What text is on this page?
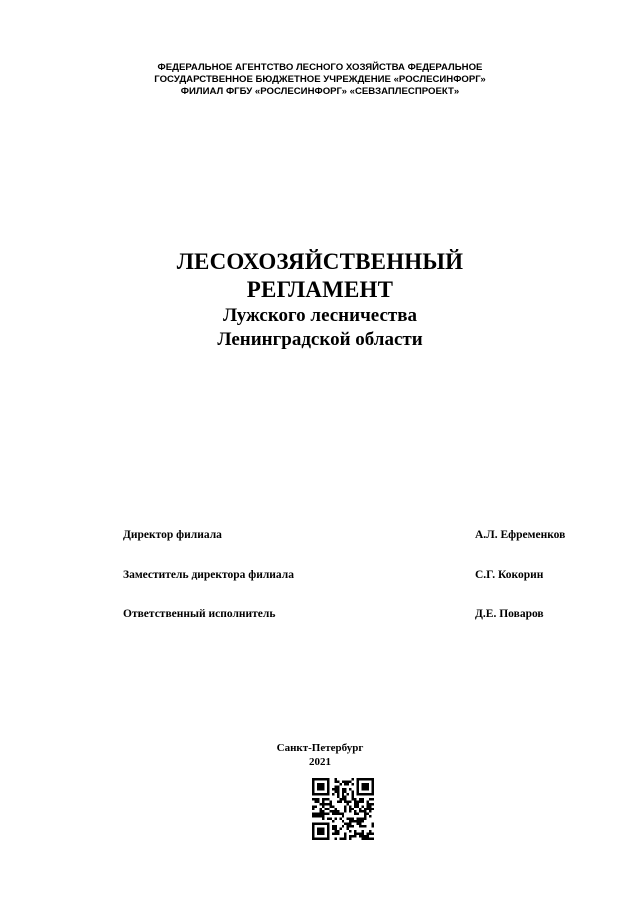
ФЕДЕРАЛЬНОЕ АГЕНТСТВО ЛЕСНОГО ХОЗЯЙСТВА ФЕДЕРАЛЬНОЕ
ГОСУДАРСТВЕННОЕ БЮДЖЕТНОЕ УЧРЕЖДЕНИЕ «РОСЛЕСИНФОРГ»
ФИЛИАЛ ФГБУ «РОСЛЕСИНФОРГ» «СЕВЗАПЛЕСПРОЕКТ»
ЛЕСОХОЗЯЙСТВЕННЫЙ
РЕГЛАМЕНТ
Лужского лесничества
Ленинградской области
Директор филиала	А.Л. Ефременков
Заместитель директора филиала	С.Г. Кокорин
Ответственный исполнитель	Д.Е. Поваров
Санкт-Петербург
2021
